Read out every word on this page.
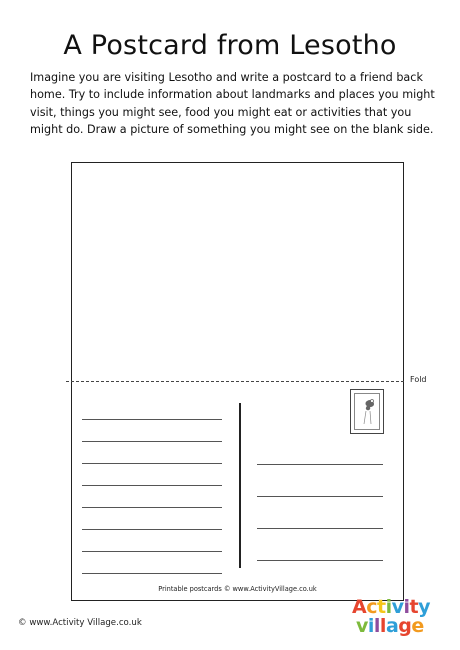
A Postcard from Lesotho
Imagine you are visiting Lesotho and write a postcard to a friend back home. Try to include information about landmarks and places you might visit, things you might see, food you might eat or activities that you might do. Draw a picture of something you might see on the blank side.
Fold
Printable postcards © www.ActivityVillage.co.uk
© www.Activity Village.co.uk
Activity
village
